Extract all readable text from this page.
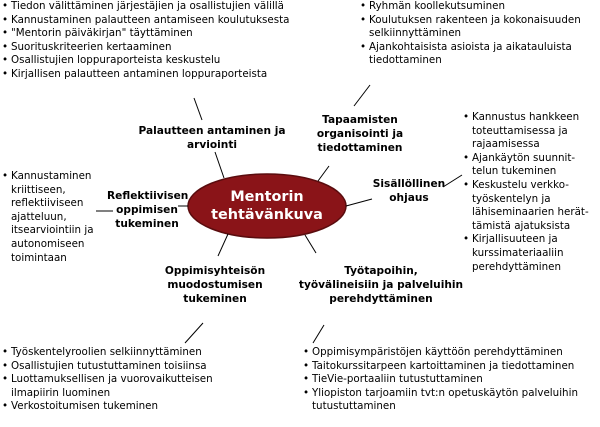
Mentorin
tehtävänkuva
Palautteen antaminen ja
arviointi
Tapaamisten
organisointi ja
tiedottaminen
Sisällöllinen
ohjaus
Reflektiivisen
oppimisen
tukeminen
Oppimisyhteisön
muodostumisen
tukeminen
Työtapoihin,
työvälineisiin ja palveluihin
perehdyttäminen
• Tiedon välittäminen järjestäjien ja osallistujien välillä
• Kannustaminen palautteen antamiseen koulutuksesta
• "Mentorin päiväkirjan" täyttäminen
• Suorituskriteerien kertaaminen
• Osallistujien loppuraporteista keskustelu
• Kirjallisen palautteen antaminen loppuraporteista
• Ryhmän koollekutsuminen
• Koulutuksen rakenteen ja kokonaisuuden
selkiinnyttäminen
• Ajankohtaisista asioista ja aikatauluista
tiedottaminen
• Kannustus hankkeen
toteuttamisessa ja
rajaamisessa
• Ajankäytön suunnit-
telun tukeminen
• Keskustelu verkko-
työskentelyn ja
lähiseminaarien herät-
tämistä ajatuksista
• Kirjallisuuteen ja
kurssimateriaaliin
perehdyttäminen
• Kannustaminen
kriittiseen,
reflektiiviseen
ajatteluun,
itsearviointiin ja
autonomiseen
toimintaan
• Työskentelyroolien selkiinnyttäminen
• Osallistujien tutustuttaminen toisiinsa
• Luottamuksellisen ja vuorovaikutteisen
ilmapiirin luominen
• Verkostoitumisen tukeminen
• Oppimisympäristöjen käyttöön perehdyttäminen
• Taitokurssitarpeen kartoittaminen ja tiedottaminen
• TieVie-portaaliin tutustuttaminen
• Yliopiston tarjoamiin tvt:n opetuskäytön palveluihin
tutustuttaminen
